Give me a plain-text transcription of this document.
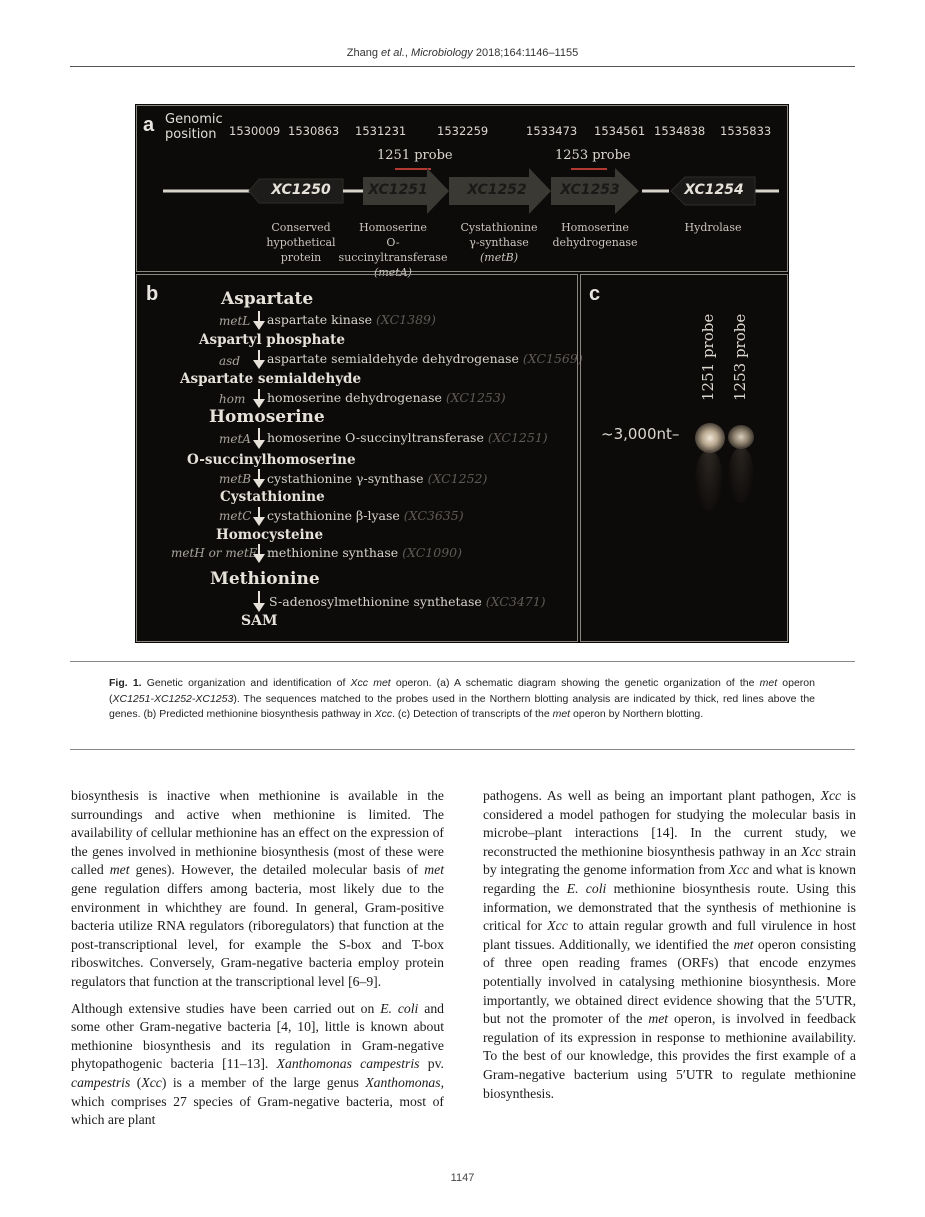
Zhang et al., Microbiology 2018;164:1146–1155
a Genomic
position	1530009 1530863 1531231	1532259	1533473 1534561 1534838 1535833
1251 probe	1253 probe
XC1250	XC1251	XC1252	XC1253	XC1254
Conserved
hypothetical
protein
Homoserine
O-succinyltransferase
(metA)
Cystathionine
γ-synthase
(metB)
Homoserine
dehydrogenase
Hydrolase
b	Aspartate
metL aspartate kinase (XC1389)
Aspartyl phosphate
asd aspartate semialdehyde dehydrogenase (XC1569)
Aspartate semialdehyde
hom homoserine dehydrogenase (XC1253)
Homoserine
metA homoserine O-succinyltransferase (XC1251)
O-succinylhomoserine
metB cystathionine γ-synthase (XC1252)
Cystathionine
metC cystathionine β-lyase (XC3635)
Homocysteine
metH or metE methionine synthase (XC1090)
Methionine
S-adenosylmethionine synthetase (XC3471)
SAM
c
1251 probe 1253 probe
~3,000nt–
Fig. 1. Genetic organization and identification of Xcc met operon. (a) A schematic diagram showing the genetic organization of the met operon (XC1251-XC1252-XC1253). The sequences matched to the probes used in the Northern blotting analysis are indicated by thick, red lines above the genes. (b) Predicted methionine biosynthesis pathway in Xcc. (c) Detection of transcripts of the met operon by Northern blotting.

biosynthesis is inactive when methionine is available in the surroundings and active when methionine is limited. The availability of cellular methionine has an effect on the expression of the genes involved in methionine biosynthesis (most of these were called met genes). However, the detailed molecular basis of met gene regulation differs among bacteria, most likely due to the environment in whichthey are found. In general, Gram-positive bacteria utilize RNA regulators (riboregulators) that function at the post-transcriptional level, for example the S-box and T-box riboswitches. Conversely, Gram-negative bacteria employ protein regulators that function at the transcriptional level [6–9].

Although extensive studies have been carried out on E. coli and some other Gram-negative bacteria [4, 10], little is known about methionine biosynthesis and its regulation in Gram-negative phytopathogenic bacteria [11–13]. Xanthomonas campestris pv. campestris (Xcc) is a member of the large genus Xanthomonas, which comprises 27 species of Gram-negative bacteria, most of which are plant

pathogens. As well as being an important plant pathogen, Xcc is considered a model pathogen for studying the molecular basis in microbe–plant interactions [14]. In the current study, we reconstructed the methionine biosynthesis pathway in an Xcc strain by integrating the genome information from Xcc and what is known regarding the E. coli methionine biosynthesis route. Using this information, we demonstrated that the synthesis of methionine is critical for Xcc to attain regular growth and full virulence in host plant tissues. Additionally, we identified the met operon consisting of three open reading frames (ORFs) that encode enzymes potentially involved in catalysing methionine biosynthesis. More importantly, we obtained direct evidence showing that the 5′UTR, but not the promoter of the met operon, is involved in feedback regulation of its expression in response to methionine availability. To the best of our knowledge, this provides the first example of a Gram-negative bacterium using 5′UTR to regulate methionine biosynthesis.

1147
